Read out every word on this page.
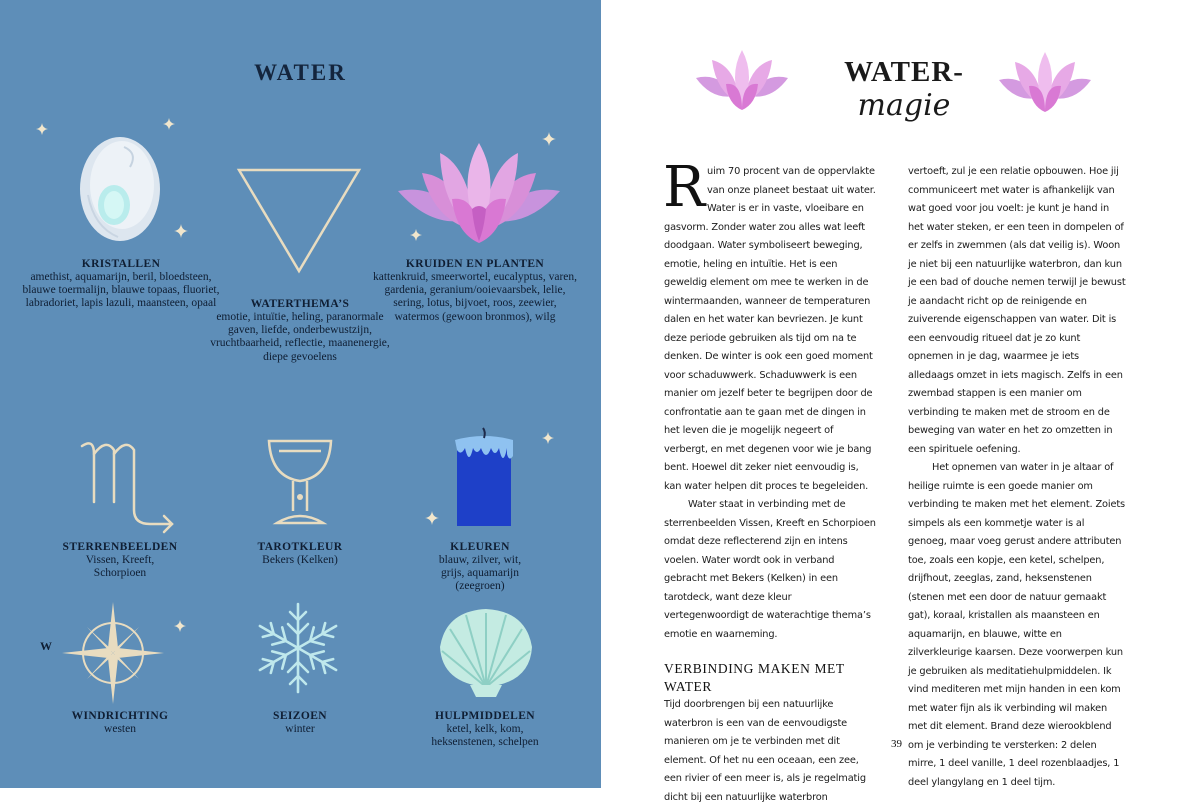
WATER
W
KRISTALLEN
amethist, aquamarijn, beril, bloedsteen, blauwe toermalijn, blauwe topaas, fluoriet, labradoriet, lapis lazuli, maansteen, opaal	WATERTHEMA’S
emotie, intuïtie, heling, paranormale gaven, liefde, onderbewustzijn, vruchtbaarheid, reflectie, maanenergie, diepe gevoelens
KRUIDEN EN PLANTEN
kattenkruid, smeerwortel, eucalyptus, varen, gardenia, geranium/ooievaarsbek, lelie, sering, lotus, bijvoet, roos, zeewier, watermos (gewoon bronmos), wilg
STERRENBEELDEN
Vissen, Kreeft, Schorpioen
TAROTKLEUR
Bekers (Kelken)
KLEUREN
blauw, zilver, wit, grijs, aquamarijn (zeegroen)
WINDRICHTING
westen
SEIZOEN
winter
HULPMIDDELEN
ketel, kelk, kom, heksenstenen, schelpen
WATER-
magie

R uim 70 procent van de oppervlakte van onze planeet bestaat uit water. Water is er in vaste, vloeibare en gasvorm. Zonder water zou alles wat leeft doodgaan. Water symboliseert beweging, emotie, heling en intuïtie. Het is een geweldig element om mee te werken in de wintermaanden, wanneer de temperaturen dalen en het water kan bevriezen. Je kunt deze periode gebruiken als tijd om na te denken. De winter is ook een goed moment voor schaduwwerk. Schaduwwerk is een manier om jezelf beter te begrijpen door de confrontatie aan te gaan met de dingen in het leven die je mogelijk negeert of verbergt, en met degenen voor wie je bang bent. Hoewel dit zeker niet eenvoudig is, kan water helpen dit proces te begeleiden.

Water staat in verbinding met de sterrenbeelden Vissen, Kreeft en Schorpioen omdat deze reflecterend zijn en intens voelen. Water wordt ook in verband gebracht met Bekers (Kelken) in een tarotdeck, want deze kleur vertegenwoordigt de waterachtige thema’s emotie en waarneming.

VERBINDING MAKEN MET WATER

Tijd doorbrengen bij een natuurlijke waterbron is een van de eenvoudigste manieren om je te verbinden met dit element. Of het nu een oceaan, een zee, een rivier of een meer is, als je regelmatig dicht bij een natuurlijke waterbron

vertoeft, zul je een relatie opbouwen. Hoe jij communiceert met water is afhankelijk van wat goed voor jou voelt: je kunt je hand in het water steken, er een teen in dompelen of er zelfs in zwemmen (als dat veilig is). Woon je niet bij een natuurlijke waterbron, dan kun je een bad of douche nemen terwijl je bewust je aandacht richt op de reinigende en zuiverende eigenschappen van water. Dit is een eenvoudig ritueel dat je zo kunt opnemen in je dag, waarmee je iets alledaags omzet in iets magisch. Zelfs in een zwembad stappen is een manier om verbinding te maken met de stroom en de beweging van water en het zo omzetten in een spirituele oefening.

Het opnemen van water in je altaar of heilige ruimte is een goede manier om verbinding te maken met het element. Zoiets simpels als een kommetje water is al genoeg, maar voeg gerust andere attributen toe, zoals een kopje, een ketel, schelpen, drijfhout, zeeglas, zand, heksenstenen (stenen met een door de natuur gemaakt gat), koraal, kristallen als maansteen en aquamarijn, en blauwe, witte en zilverkleurige kaarsen. Deze voorwerpen kun je gebruiken als meditatiehulpmiddelen. Ik vind mediteren met mijn handen in een kom met water fijn als ik verbinding wil maken met dit element. Brand deze wierookblend om je verbinding te versterken: 2 delen mirre, 1 deel vanille, 1 deel rozenblaadjes, 1 deel ylangylang en 1 deel tijm.

39
